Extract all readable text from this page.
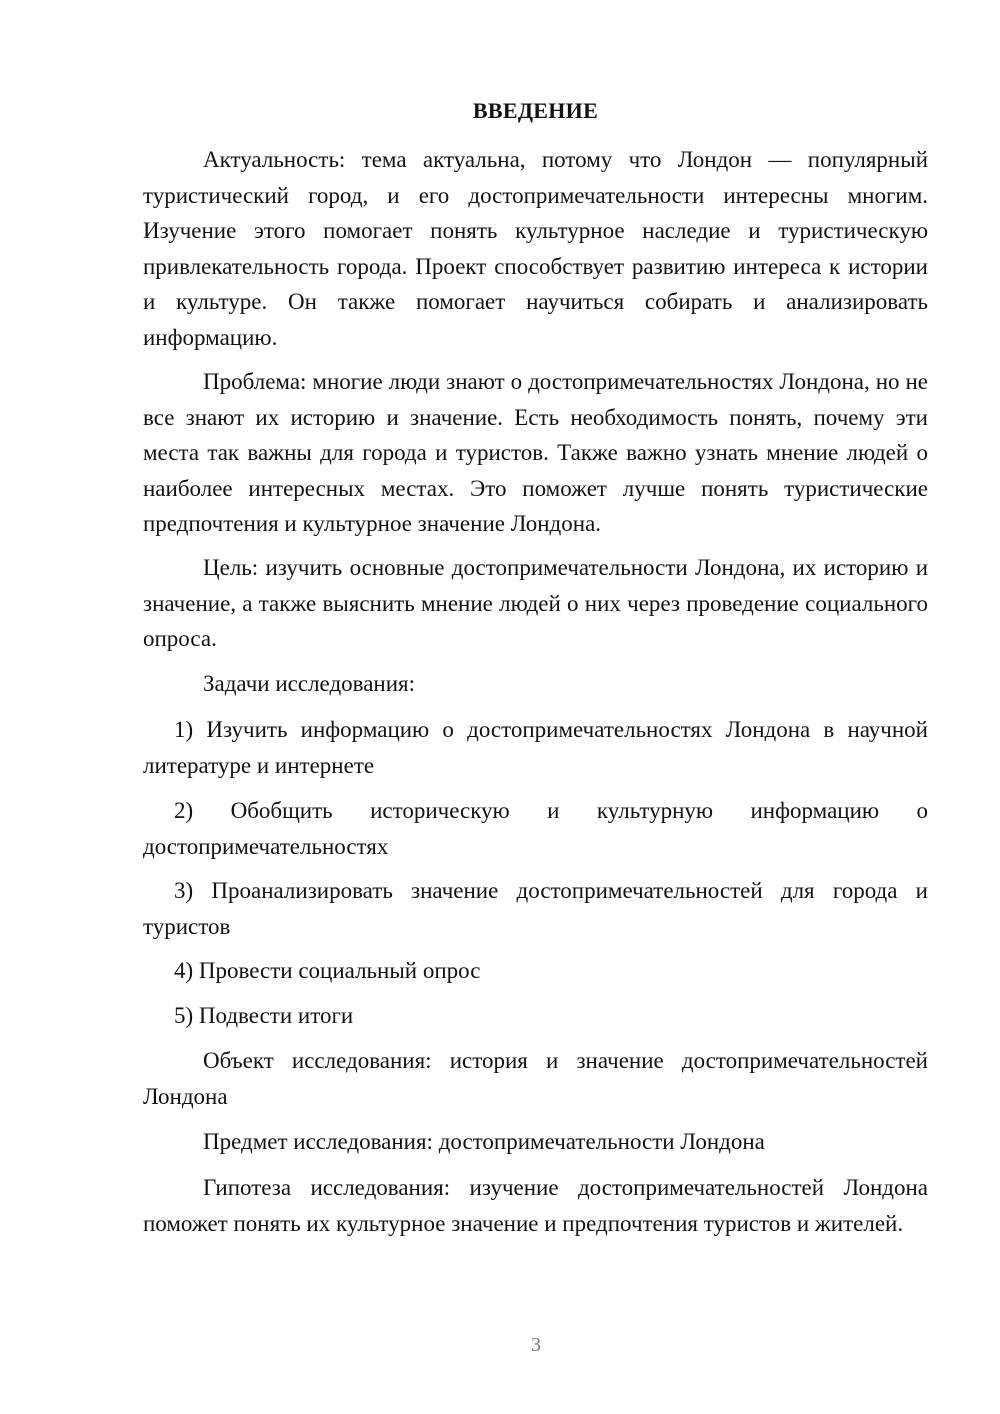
ВВЕДЕНИЕ

Актуальность: тема актуальна, потому что Лондон — популярный туристический город, и его достопримечательности интересны многим. Изучение этого помогает понять культурное наследие и туристическую привлекательность города. Проект способствует развитию интереса к истории и культуре. Он также помогает научиться собирать и анализировать информацию.

Проблема: многие люди знают о достопримечательностях Лондона, но не все знают их историю и значение. Есть необходимость понять, почему эти места так важны для города и туристов. Также важно узнать мнение людей о наиболее интересных местах. Это поможет лучше понять туристические предпочтения и культурное значение Лондона.

Цель: изучить основные достопримечательности Лондона, их историю и значение, а также выяснить мнение людей о них через проведение социального опроса.

Задачи исследования:

1) Изучить информацию о достопримечательностях Лондона в научной литературе и интернете

2) Обобщить историческую и культурную информацию о достопримечательностях

3) Проанализировать значение достопримечательностей для города и туристов

4) Провести социальный опрос

5) Подвести итоги

Объект исследования: история и значение достопримечательностей Лондона

Предмет исследования: достопримечательности Лондона

Гипотеза исследования: изучение достопримечательностей Лондона поможет понять их культурное значение и предпочтения туристов и жителей.

3
